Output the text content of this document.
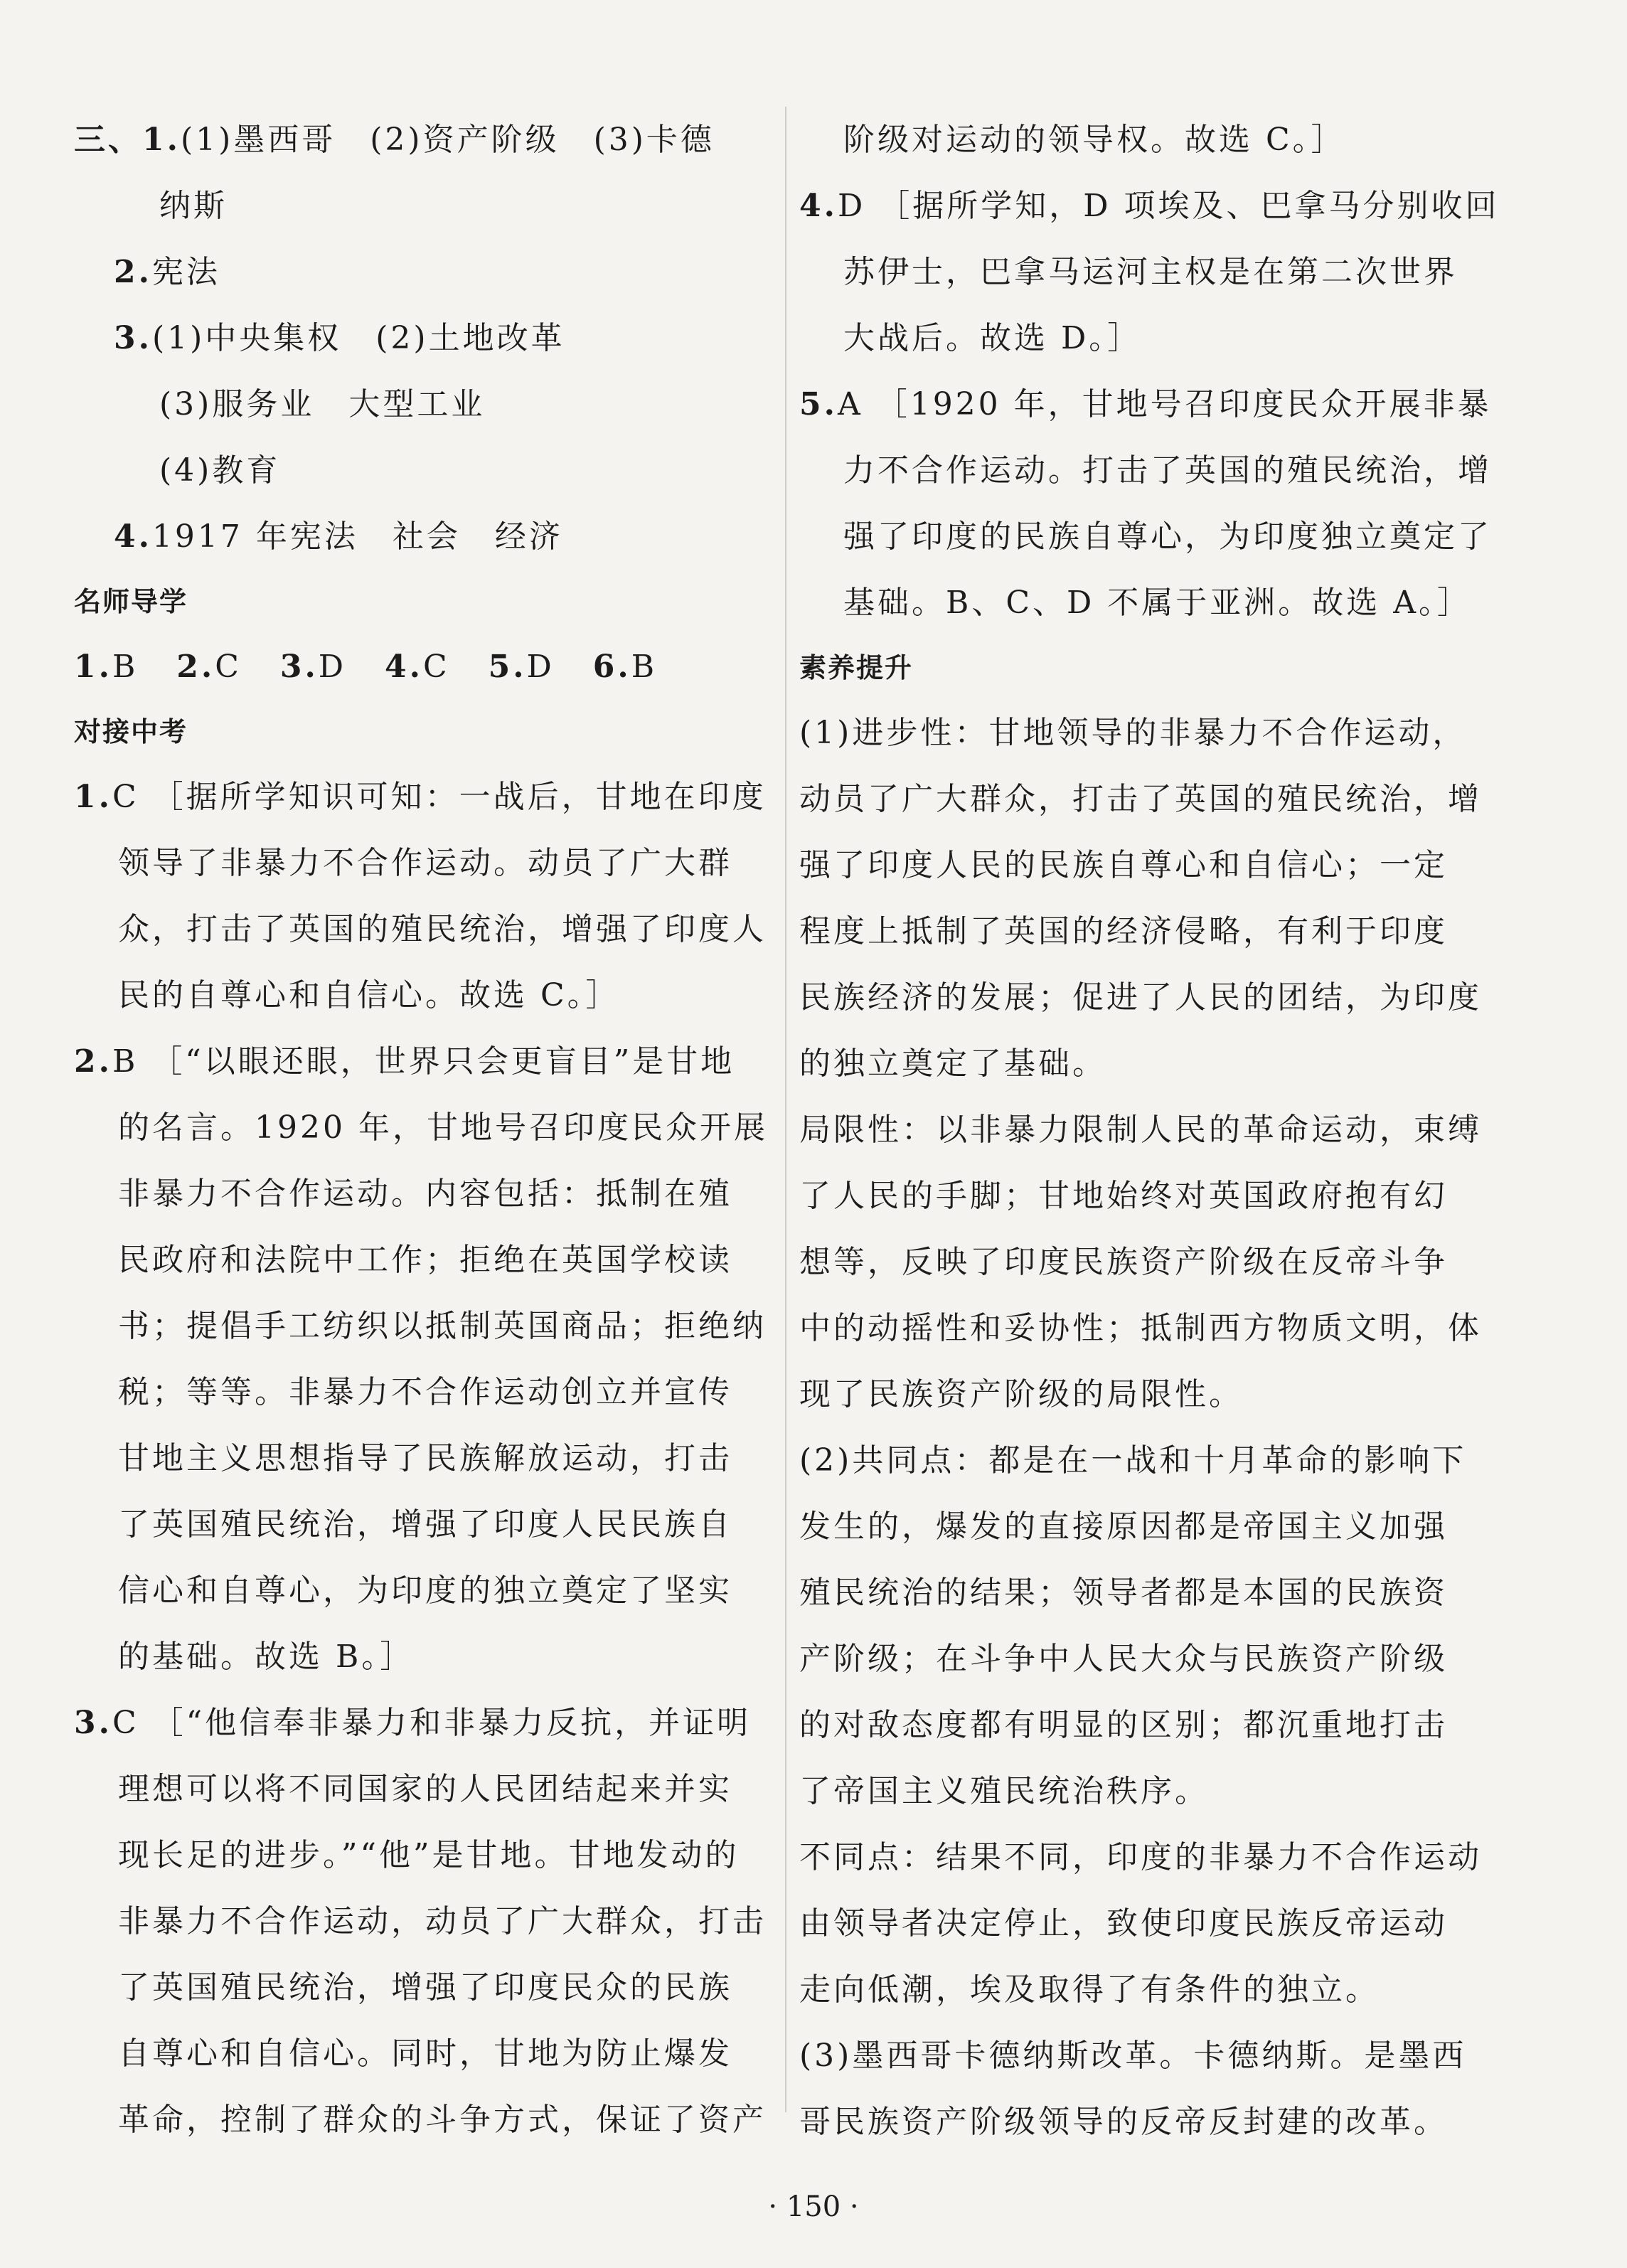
三、1.(1)墨西哥　(2)资产阶级　(3)卡德
纳斯
2.宪法
3.(1)中央集权　(2)土地改革
(3)服务业　大型工业
(4)教育
4.1917 年宪法　社会　经济
名师导学
1.B 2.C 3.D 4.C 5.D 6.B
对接中考
1.C ［据所学知识可知：一战后，甘地在印度
领导了非暴力不合作运动。动员了广大群
众，打击了英国的殖民统治，增强了印度人
民的自尊心和自信心。故选 C。］
2.B ［“以眼还眼，世界只会更盲目”是甘地
的名言。1920 年，甘地号召印度民众开展
非暴力不合作运动。内容包括：抵制在殖
民政府和法院中工作；拒绝在英国学校读
书；提倡手工纺织以抵制英国商品；拒绝纳
税；等等。非暴力不合作运动创立并宣传
甘地主义思想指导了民族解放运动，打击
了英国殖民统治，增强了印度人民民族自
信心和自尊心，为印度的独立奠定了坚实
的基础。故选 B。］
3.C ［“他信奉非暴力和非暴力反抗，并证明
理想可以将不同国家的人民团结起来并实
现长足的进步。”“他”是甘地。甘地发动的
非暴力不合作运动，动员了广大群众，打击
了英国殖民统治，增强了印度民众的民族
自尊心和自信心。同时，甘地为防止爆发
革命，控制了群众的斗争方式，保证了资产
阶级对运动的领导权。故选 C。］
4.D ［据所学知，D 项埃及、巴拿马分别收回
苏伊士，巴拿马运河主权是在第二次世界
大战后。故选 D。］
5.A ［1920 年，甘地号召印度民众开展非暴
力不合作运动。打击了英国的殖民统治，增
强了印度的民族自尊心，为印度独立奠定了
基础。B、C、D 不属于亚洲。故选 A。］
素养提升
(1)进步性：甘地领导的非暴力不合作运动，
动员了广大群众，打击了英国的殖民统治，增
强了印度人民的民族自尊心和自信心；一定
程度上抵制了英国的经济侵略，有利于印度
民族经济的发展；促进了人民的团结，为印度
的独立奠定了基础。
局限性：以非暴力限制人民的革命运动，束缚
了人民的手脚；甘地始终对英国政府抱有幻
想等，反映了印度民族资产阶级在反帝斗争
中的动摇性和妥协性；抵制西方物质文明，体
现了民族资产阶级的局限性。
(2)共同点：都是在一战和十月革命的影响下
发生的，爆发的直接原因都是帝国主义加强
殖民统治的结果；领导者都是本国的民族资
产阶级；在斗争中人民大众与民族资产阶级
的对敌态度都有明显的区别；都沉重地打击
了帝国主义殖民统治秩序。
不同点：结果不同，印度的非暴力不合作运动
由领导者决定停止，致使印度民族反帝运动
走向低潮，埃及取得了有条件的独立。
(3)墨西哥卡德纳斯改革。卡德纳斯。是墨西
哥民族资产阶级领导的反帝反封建的改革。
· 150 ·
